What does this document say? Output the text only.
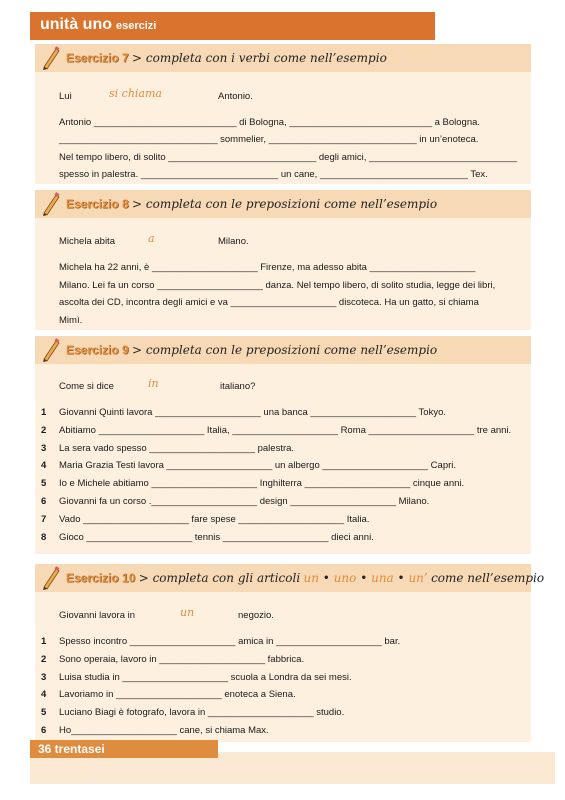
unità uno esercizi
Esercizio 7 > completa con i verbi come nell’esempio
Lui	si chiama	Antonio.
Antonio ___________________________ di Bologna, ___________________________ a Bologna.
______________________________ sommelier, ____________________________ in un’enoteca.
Nel tempo libero, di solito ____________________________ degli amici, ____________________________
spesso in palestra. __________________________ un cane, ____________________________ Tex.
Esercizio 8 > completa con le preposizioni come nell’esempio
Michela abita	a	Milano.
Michela ha 22 anni, è ____________________ Firenze, ma adesso abita ____________________
Milano. Lei fa un corso ____________________ danza. Nel tempo libero, di solito studia, legge dei libri,
ascolta dei CD, incontra degli amici e va ____________________ discoteca. Ha un gatto, si chiama
Mimì.
Esercizio 9 > completa con le preposizioni come nell’esempio
Come si dice	in	italiano?
1 Giovanni Quinti lavora ____________________ una banca ____________________ Tokyo.
2 Abitiamo ____________________ Italia, ____________________ Roma ____________________ tre anni.
3 La sera vado spesso ____________________ palestra.
4 Maria Grazia Testi lavora ____________________ un albergo ____________________ Capri.
5 Io e Michele abitiamo ____________________ Inghilterra ____________________ cinque anni.
6 Giovanni fa un corso .____________________ design ____________________ Milano.
7 Vado ____________________ fare spese ____________________ Italia.
8 Gioco ____________________ tennis ____________________ dieci anni.
Esercizio 10 > completa con gli articoli un • uno • una • un’ come nell’esempio
Giovanni lavora in	un	negozio.
1 Spesso incontro ____________________ amica in ____________________ bar.
2 Sono operaia, lavoro in ____________________ fabbrica.
3 Luisa studia in ____________________ scuola a Londra da sei mesi.
4 Lavoriamo in ____________________ enoteca a Siena.
5 Luciano Biagi è fotografo, lavora in ____________________ studio.
6 Ho____________________ cane, si chiama Max.
36 trentasei
